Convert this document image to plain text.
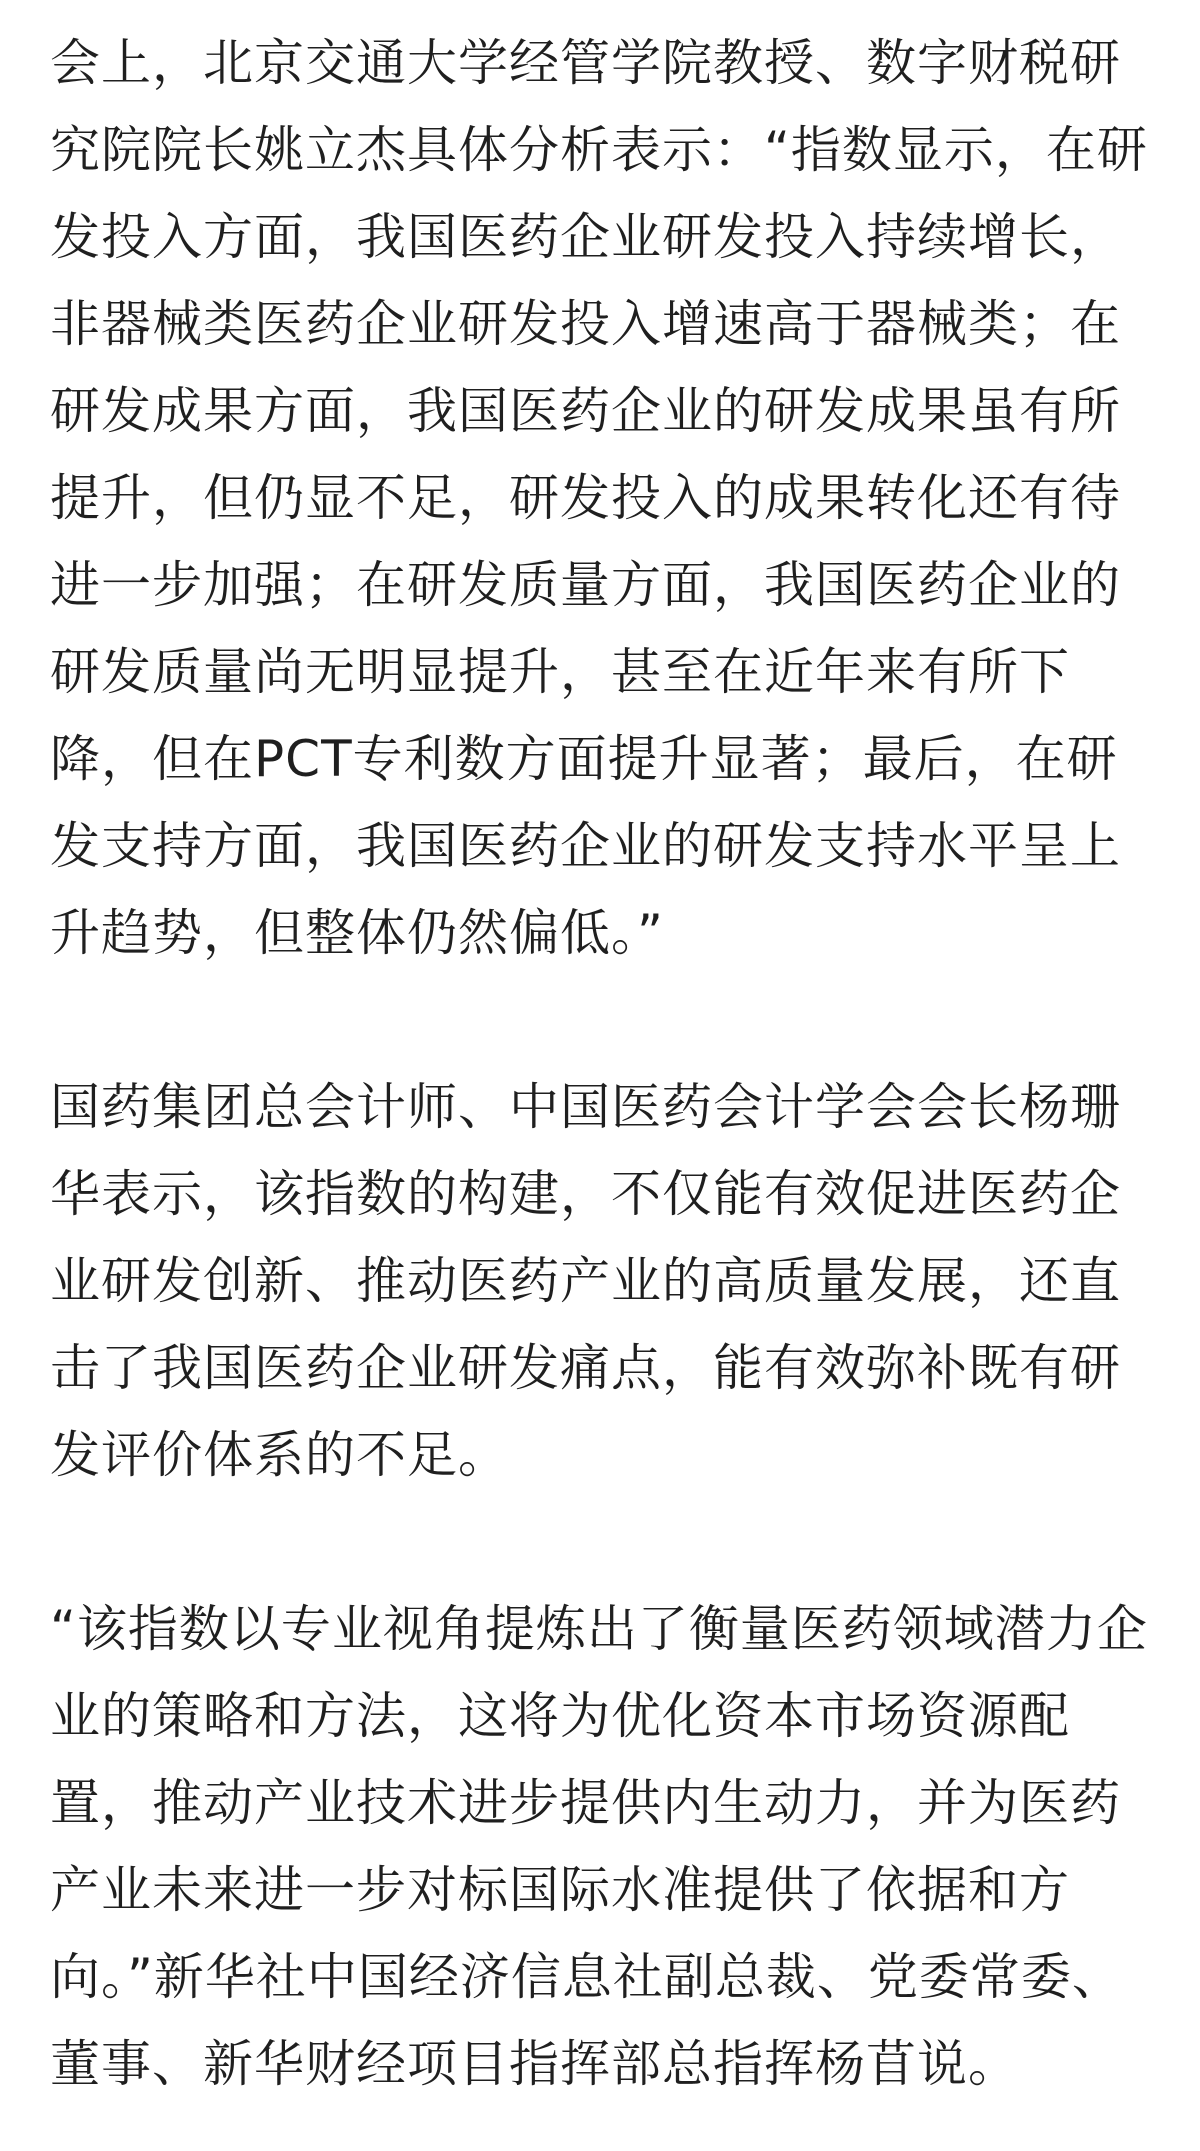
会上，北京交通大学经管学院教授、数字财税研
究院院长姚立杰具体分析表示：“指数显示，在研
发投入方面，我国医药企业研发投入持续增长，
非器械类医药企业研发投入增速高于器械类；在
研发成果方面，我国医药企业的研发成果虽有所
提升，但仍显不足，研发投入的成果转化还有待
进一步加强；在研发质量方面，我国医药企业的
研发质量尚无明显提升，甚至在近年来有所下
降，但在PCT专利数方面提升显著；最后，在研
发支持方面，我国医药企业的研发支持水平呈上
升趋势，但整体仍然偏低。”

国药集团总会计师、中国医药会计学会会长杨珊
华表示，该指数的构建，不仅能有效促进医药企
业研发创新、推动医药产业的高质量发展，还直
击了我国医药企业研发痛点，能有效弥补既有研
发评价体系的不足。

“该指数以专业视角提炼出了衡量医药领域潜力企
业的策略和方法，这将为优化资本市场资源配
置，推动产业技术进步提供内生动力，并为医药
产业未来进一步对标国际水准提供了依据和方
向。”新华社中国经济信息社副总裁、党委常委、
董事、新华财经项目指挥部总指挥杨苜说。
